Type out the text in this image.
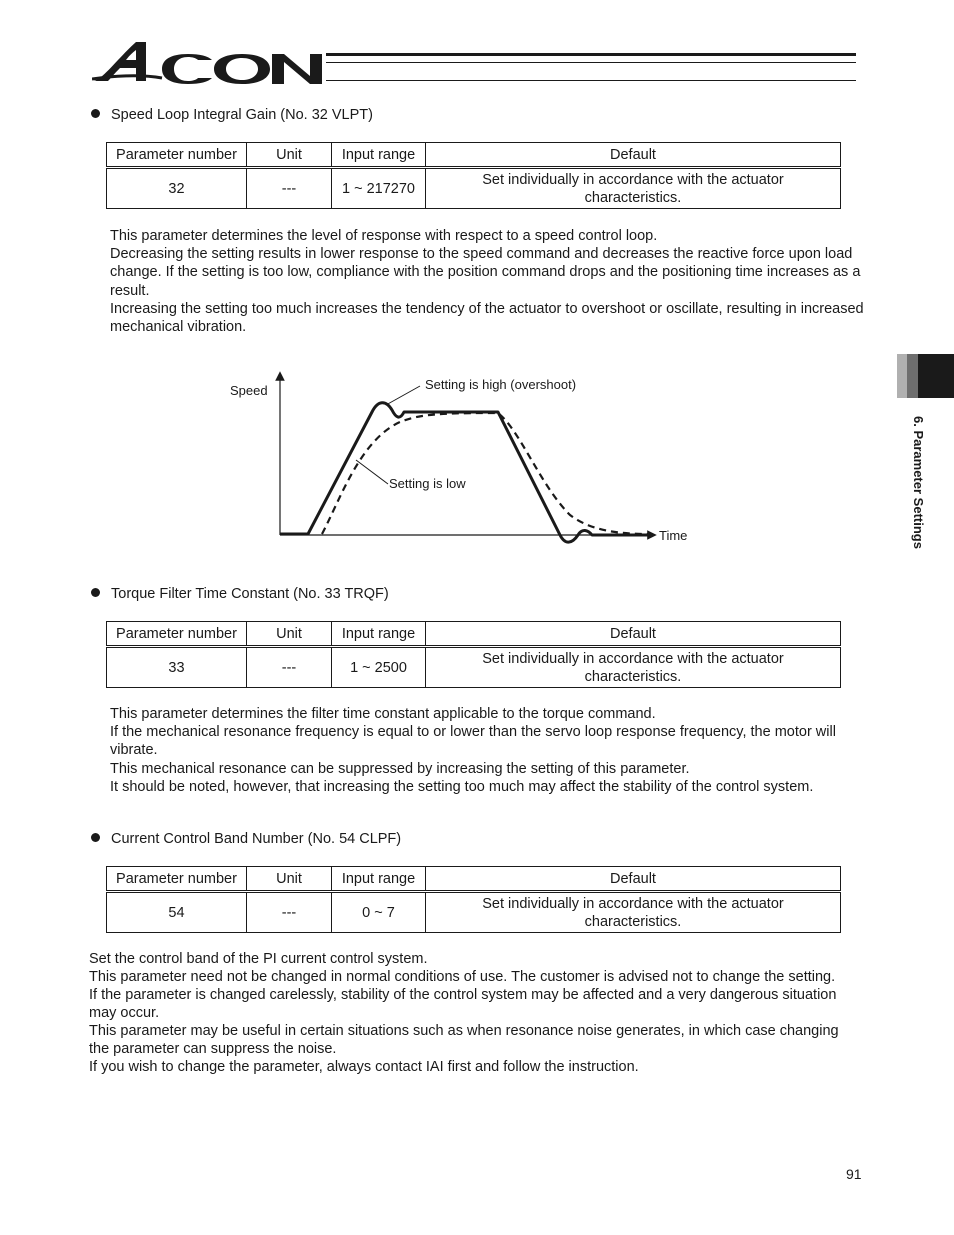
Speed Loop Integral Gain (No. 32 VLPT)
Parameter number	Unit	Input range	Default
32	---	1 ~ 217270	Set individually in accordance with the actuator characteristics.

This parameter determines the level of response with respect to a speed control loop.

Decreasing the setting results in lower response to the speed command and decreases the reactive force upon load change. If the setting is too low, compliance with the position command drops and the positioning time increases as a result.

Increasing the setting too much increases the tendency of the actuator to overshoot or oscillate, resulting in increased mechanical vibration.

Speed
Time
Setting is high (overshoot)
Setting is low
Torque Filter Time Constant (No. 33 TRQF)
Parameter number	Unit	Input range	Default
33	---	1 ~ 2500	Set individually in accordance with the actuator characteristics.

This parameter determines the filter time constant applicable to the torque command.

If the mechanical resonance frequency is equal to or lower than the servo loop response frequency, the motor will vibrate.

This mechanical resonance can be suppressed by increasing the setting of this parameter.

It should be noted, however, that increasing the setting too much may affect the stability of the control system.

Current Control Band Number (No. 54 CLPF)
Parameter number	Unit	Input range	Default
54	---	0 ~ 7	Set individually in accordance with the actuator characteristics.

Set the control band of the PI current control system.

This parameter need not be changed in normal conditions of use. The customer is advised not to change the setting.

If the parameter is changed carelessly, stability of the control system may be affected and a very dangerous situation may occur.

This parameter may be useful in certain situations such as when resonance noise generates, in which case changing the parameter can suppress the noise.

If you wish to change the parameter, always contact IAI first and follow the instruction.

6. Parameter Settings
91
